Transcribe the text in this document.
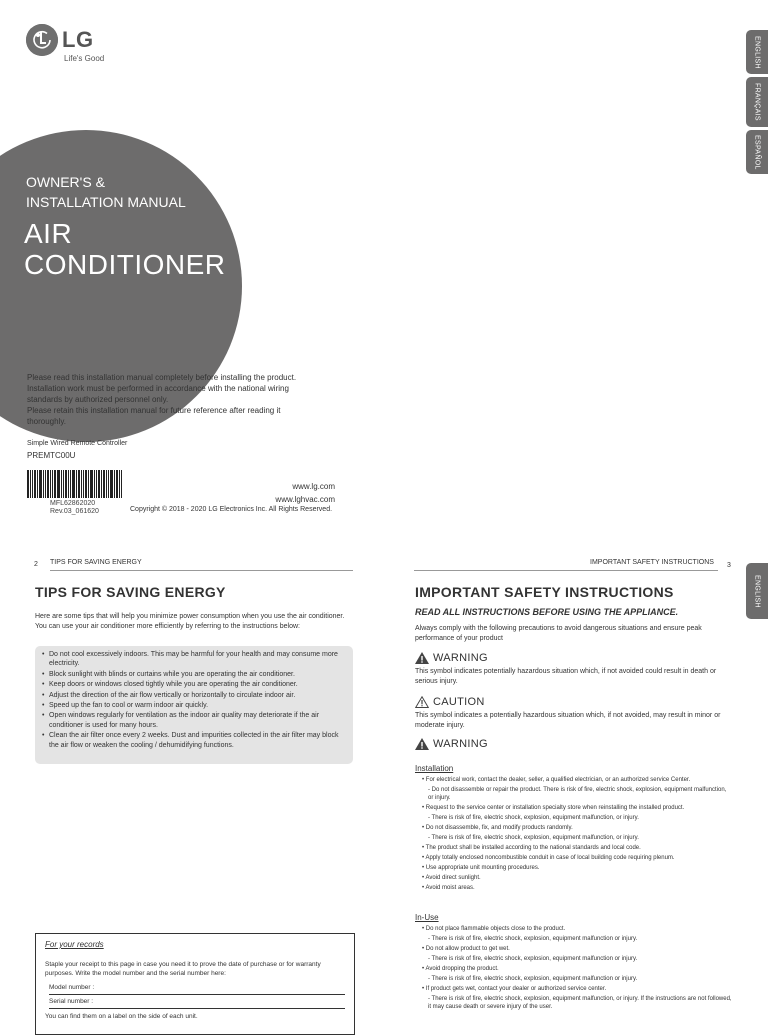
LG
Life's Good
OWNER'S &
INSTALLATION MANUAL
AIR
CONDITIONER

Please read this installation manual completely before installing the product.

Installation work must be performed in accordance with the national wiring

standards by authorized personnel only.

Please retain this installation manual for future reference after reading it

thoroughly.

Simple Wired Remote Controller
PREMTC00U
MFL62862020
Rev.03_061620
www.lg.com
www.lghvac.com
Copyright © 2018 - 2020 LG Electronics Inc. All Rights Reserved.
ENGLISH
FRANÇAIS
ESPAÑOL
2 TIPS FOR SAVING ENERGY
TIPS FOR SAVING ENERGY
Here are some tips that will help you minimize power consumption when you use the air conditioner. You can use your air conditioner more efficiently by referring to the instructions below:
• Do not cool excessively indoors. This may be harmful for your health and may consume more electricity.
• Block sunlight with blinds or curtains while you are operating the air conditioner.
• Keep doors or windows closed tightly while you are operating the air conditioner.
• Adjust the direction of the air flow vertically or horizontally to circulate indoor air.
• Speed up the fan to cool or warm indoor air quickly.
• Open windows regularly for ventilation as the indoor air quality may deteriorate if the air conditioner is used for many hours.
• Clean the air filter once every 2 weeks. Dust and impurities collected in the air filter may block the air flow or weaken the cooling / dehumidifying functions.
For your records
Staple your receipt to this page in case you need it to prove the date of purchase or for warranty purposes. Write the model number and the serial number here:
Model number :
Serial number :
You can find them on a label on the side of each unit.
IMPORTANT SAFETY INSTRUCTIONS 3
ENGLISH
IMPORTANT SAFETY INSTRUCTIONS
READ ALL INSTRUCTIONS BEFORE USING THE APPLIANCE.
Always comply with the following precautions to avoid dangerous situations and ensure peak performance of your product
WARNING
This symbol indicates potentially hazardous situation which, if not avoided could result in death or serious injury.
CAUTION
This symbol indicates a potentially hazardous situation which, if not avoided, may result in minor or moderate injury.
WARNING
Installation

• For electrical work, contact the dealer, seller, a qualified electrician, or an authorized service Center.

- Do not disassemble or repair the product. There is risk of fire, electric shock, explosion, equipment malfunction, or injury.

• Request to the service center or installation specialty store when reinstalling the installed product.

- There is risk of fire, electric shock, explosion, equipment malfunction, or injury.

• Do not disassemble, fix, and modify products randomly.

- There is risk of fire, electric shock, explosion, equipment malfunction, or injury.

• The product shall be installed according to the national standards and local code.

• Apply totally enclosed noncombustible conduit in case of local building code requiring plenum.

• Use appropriate unit mounting procedures.

• Avoid direct sunlight.

• Avoid moist areas.

In-Use

• Do not place flammable objects close to the product.

- There is risk of fire, electric shock, explosion, equipment malfunction or injury.

• Do not allow product to get wet.

- There is risk of fire, electric shock, explosion, equipment malfunction or injury.

• Avoid dropping the product.

- There is risk of fire, electric shock, explosion, equipment malfunction or injury.

• If product gets wet, contact your dealer or authorized service center.

- There is risk of fire, electric shock, explosion, equipment malfunction, or injury. If the instructions are not followed, it may cause death or severe injury of the user.
